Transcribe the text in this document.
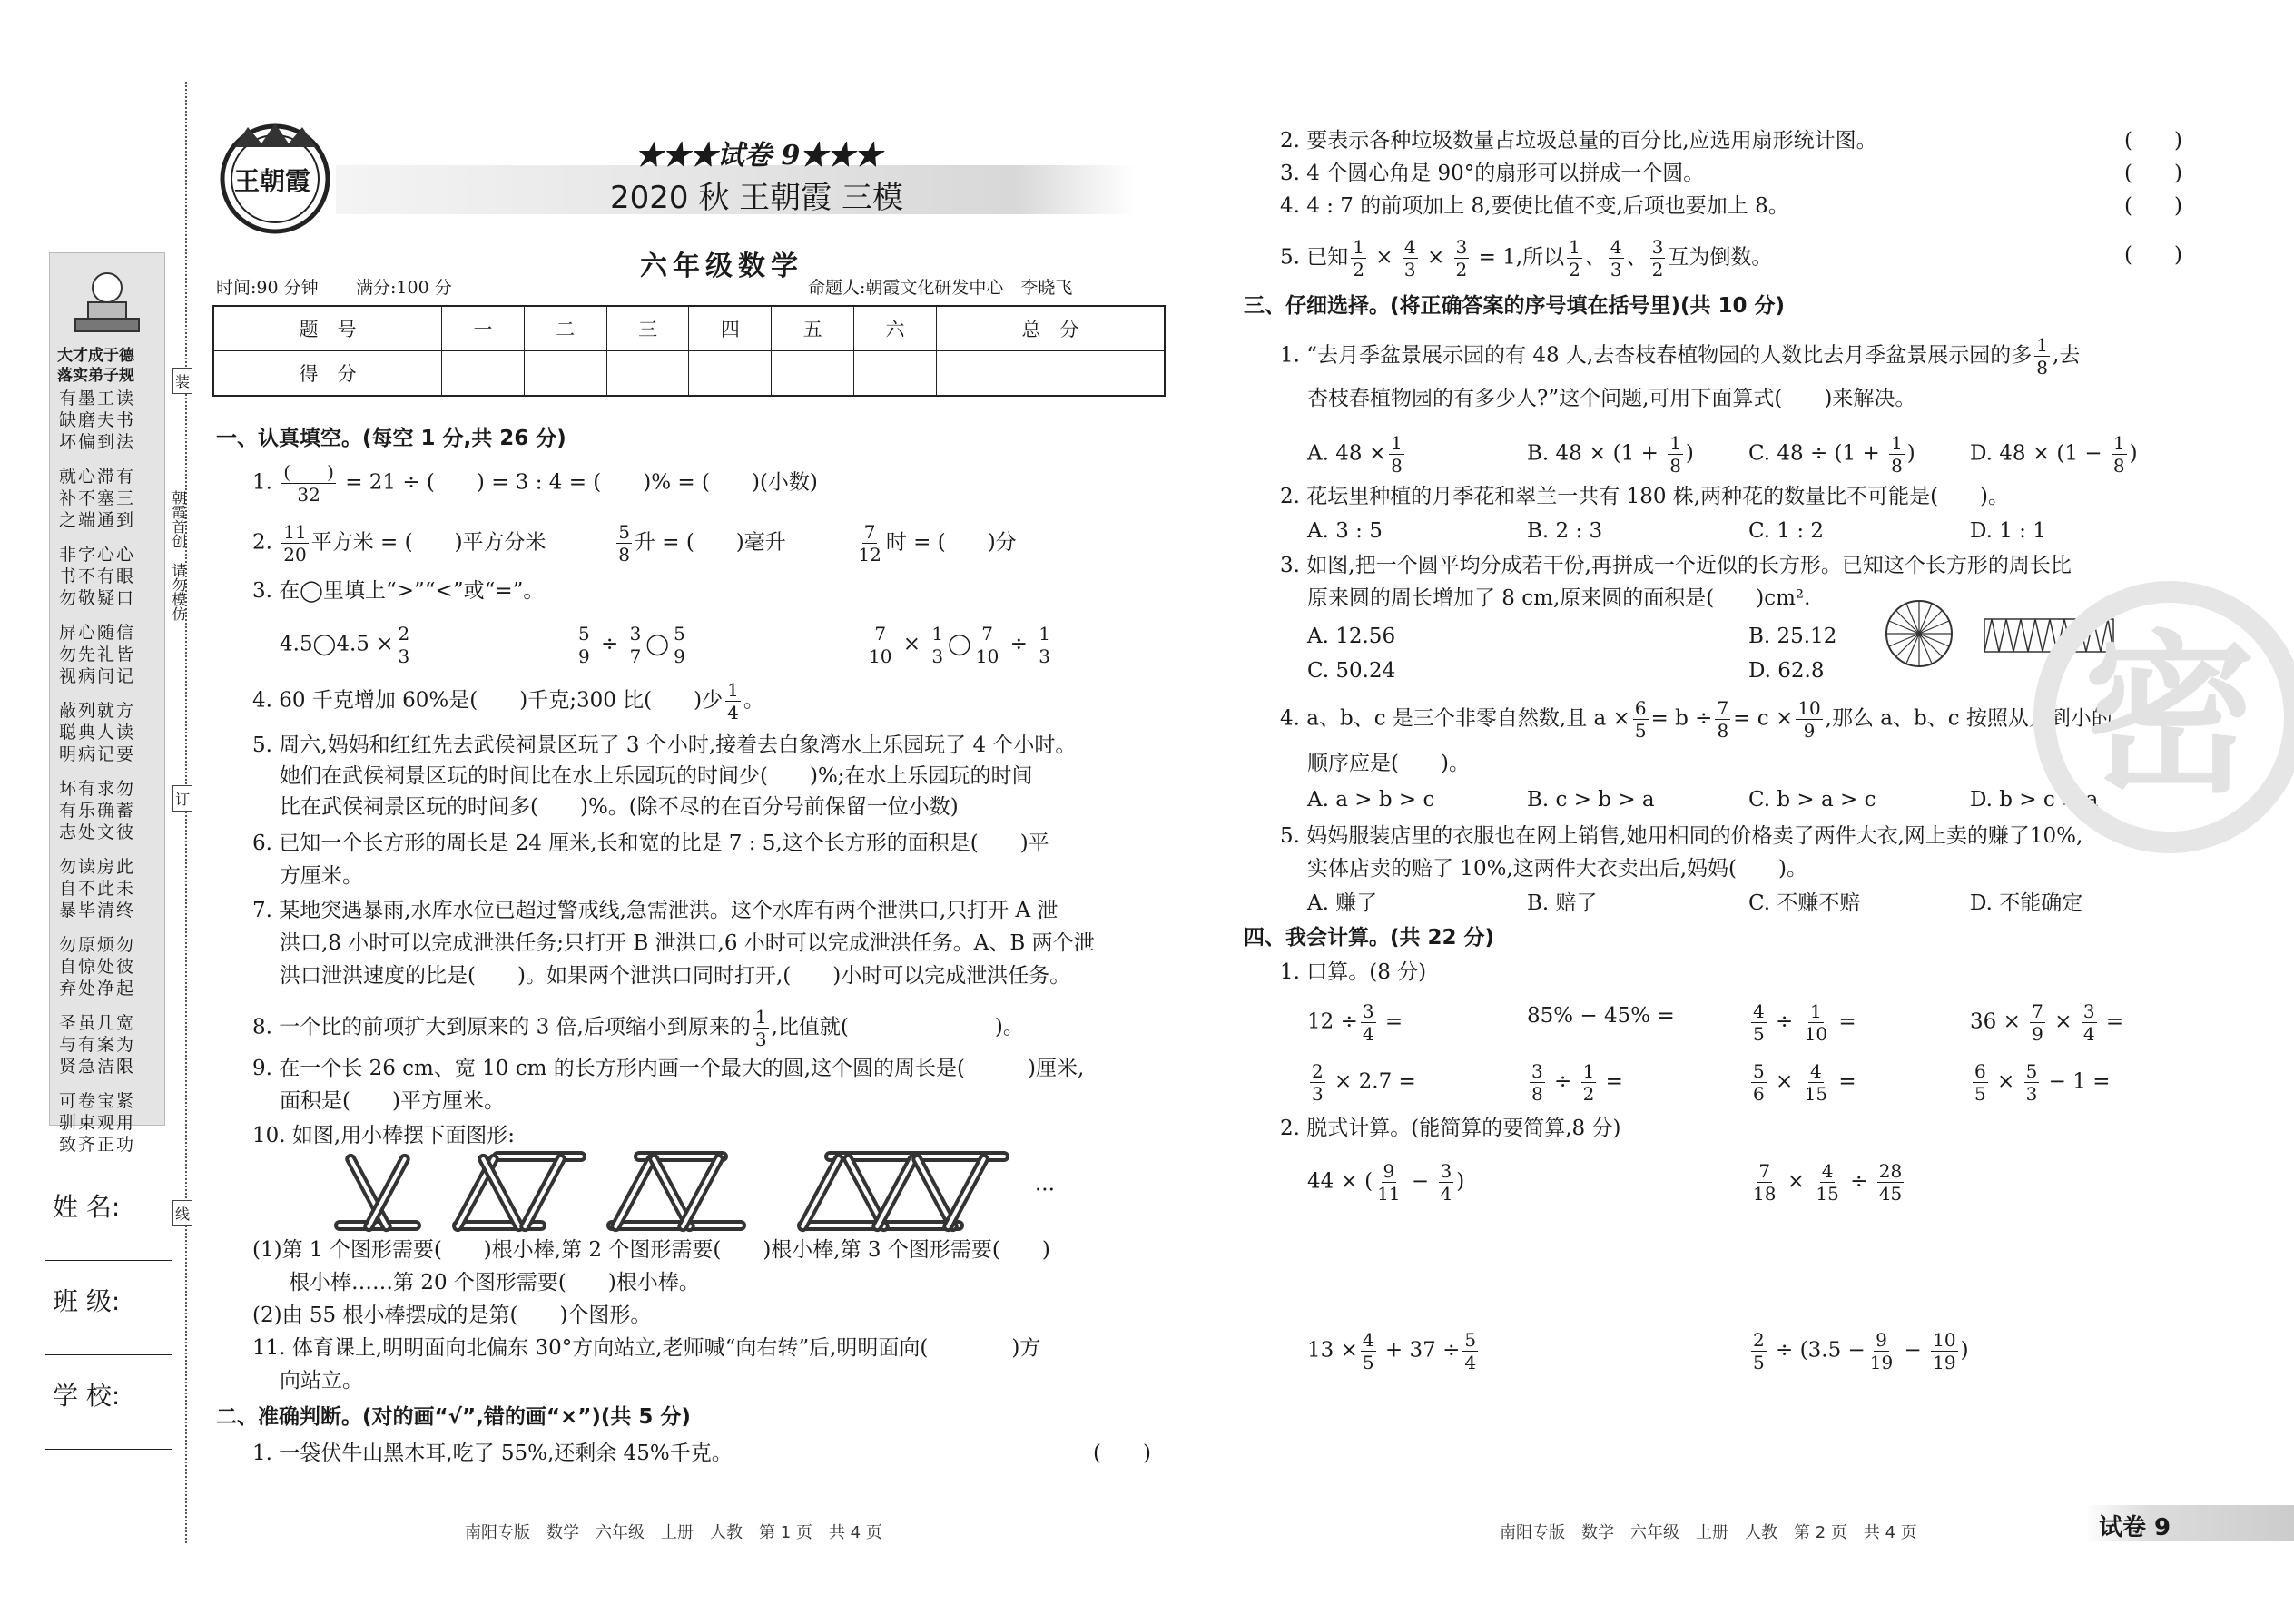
装
订
线
朝霞首创　请勿模仿
大才成于德
落实弟子规
有墨工读
缺磨夫书
坏偏到法
就心滞有
补不塞三
之端通到
非字心心
书不有眼
勿敬疑口
屏心随信
勿先礼皆
视病问记
蔽列就方
聪典人读
明病记要
坏有求勿
有乐确蓄
志处文彼
勿读房此
自不此未
暴毕清终
勿原烦勿
自惊处彼
弃处净起
圣虽几宽
与有案为
贤急洁限
可卷宝紧
驯束观用
致齐正功
姓 名:
班 级:
学 校:
王朝霞
★★★试卷 9★★★
2020 秋 王朝霞 三模
六年级数学
时间:90 分钟 满分:100 分	命题人:朝霞文化研发中心　李晓飞
题　号	一	二	三	四	五	六	总　分
得　分							
一、认真填空。(每空 1 分,共 26 分)
1. (　　)
32
= 21 ÷ (　　) = 3 : 4 = (　　)% = (　　)(小数)
2. $\frac{11}{20}$ 平方米 = (　　)平方分米	$\frac{5}{8}$ 升 = (　　)毫升	$\frac{7}{12}$ 时 = (　　)分
3. 在◯里填上“>”“<”或“=”。
4.5◯4.5 × $\frac{2}{3}$	$\frac{5}{9} \div \frac{3}{7}$ ◯ $\frac{5}{9}$	$\frac{7}{10} \times \frac{1}{3}$ ◯ $\frac{7}{10} \div \frac{1}{3}$
4. 60 千克增加 60%是(　　)千克;300 比(　　)少 $\frac{1}{4}$ 。
5. 周六,妈妈和红红先去武侯祠景区玩了 3 个小时,接着去白象湾水上乐园玩了 4 个小时。
她们在武侯祠景区玩的时间比在水上乐园玩的时间少(　　)%;在水上乐园玩的时间
比在武侯祠景区玩的时间多(　　)%。(除不尽的在百分号前保留一位小数)
6. 已知一个长方形的周长是 24 厘米,长和宽的比是 7 : 5,这个长方形的面积是(　　)平
方厘米。
7. 某地突遇暴雨,水库水位已超过警戒线,急需泄洪。这个水库有两个泄洪口,只打开 A 泄
洪口,8 小时可以完成泄洪任务;只打开 B 泄洪口,6 小时可以完成泄洪任务。A、B 两个泄
洪口泄洪速度的比是(　　)。如果两个泄洪口同时打开,(　　)小时可以完成泄洪任务。
8. 一个比的前项扩大到原来的 3 倍,后项缩小到原来的 $\frac{1}{3}$ ,比值就(　　　　　　　)。
9. 在一个长 26 cm、宽 10 cm 的长方形内画一个最大的圆,这个圆的周长是(　　　)厘米,
面积是(　　)平方厘米。
10. 如图,用小棒摆下面图形:
···
(1)第 1 个图形需要(　　)根小棒,第 2 个图形需要(　　)根小棒,第 3 个图形需要(　　)
根小棒……第 20 个图形需要(　　)根小棒。
(2)由 55 根小棒摆成的是第(　　)个图形。
11. 体育课上,明明面向北偏东 30°方向站立,老师喊“向右转”后,明明面向(　　　　)方
向站立。
二、准确判断。(对的画“√”,错的画“×”)(共 5 分)
1. 一袋伏牛山黑木耳,吃了 55%,还剩余 45%千克。	(　　)
南阳专版　数学　六年级　上册　人教　第 1 页　共 4 页
2. 要表示各种垃圾数量占垃圾总量的百分比,应选用扇形统计图。	(　　)
3. 4 个圆心角是 90°的扇形可以拼成一个圆。	(　　)
4. 4 : 7 的前项加上 8,要使比值不变,后项也要加上 8。	(　　)
5. 已知 $\frac{1}{2} \times \frac{4}{3} \times \frac{3}{2} = 1$,所以 $\frac{1}{2}$ 、 $\frac{4}{3}$ 、 $\frac{3}{2}$ 互为倒数。	(　　)
三、仔细选择。(将正确答案的序号填在括号里)(共 10 分)
1. “去月季盆景展示园的有 48 人,去杏枝春植物园的人数比去月季盆景展示园的多 $\frac{1}{8}$ ,去
杏枝春植物园的有多少人?”这个问题,可用下面算式(　　)来解决。
A. $48 \times \frac{1}{8}$	B. $48 \times (1 + \frac{1}{8}$ )	C. $48 \div (1 + \frac{1}{8}$ )	D. $48 \times (1 - \frac{1}{8}$ )
2. 花坛里种植的月季花和翠兰一共有 180 株,两种花的数量比不可能是(　　)。
A. 3 : 5	B. 2 : 3	C. 1 : 2	D. 1 : 1
3. 如图,把一个圆平均分成若干份,再拼成一个近似的长方形。已知这个长方形的周长比
原来圆的周长增加了 8 cm,原来圆的面积是(　　)cm².
A. 12.56	B. 25.12
C. 50.24	D. 62.8
4. a、b、c 是三个非零自然数,且 $a \times \frac{6}{5} = b \div \frac{7}{8} = c \times \frac{10}{9}$ ,那么 a、b、c 按照从大到小的
顺序应是(　　)。
A. a > b > c	B. c > b > a	C. b > a > c	D. b > c > a
5. 妈妈服装店里的衣服也在网上销售,她用相同的价格卖了两件大衣,网上卖的赚了10%,
实体店卖的赔了 10%,这两件大衣卖出后,妈妈(　　)。
A. 赚了	B. 赔了	C. 不赚不赔	D. 不能确定
四、我会计算。(共 22 分)
1. 口算。(8 分)
$12 \div \frac{3}{4}$ =	85% − 45% =	$\frac{4}{5} \div \frac{1}{10}$ =	$36 \times \frac{7}{9} \times \frac{3}{4}$ =
$\frac{2}{3} \times 2.7$ =	$\frac{3}{8} \div \frac{1}{2}$ =	$\frac{5}{6} \times \frac{4}{15}$ =	$\frac{6}{5} \times \frac{5}{3} - 1$ =
2. 脱式计算。(能简算的要简算,8 分)
44 × ( $\frac{9}{11} - \frac{3}{4}$ )	$\frac{7}{18} \times \frac{4}{15} \div \frac{28}{45}$
$13 \times \frac{4}{5} + 37 \div \frac{5}{4}$	$\frac{2}{5} \div (3.5 - \frac{9}{19} - \frac{10}{19}$ )
密
南阳专版　数学　六年级　上册　人教　第 2 页　共 4 页	试卷 9
